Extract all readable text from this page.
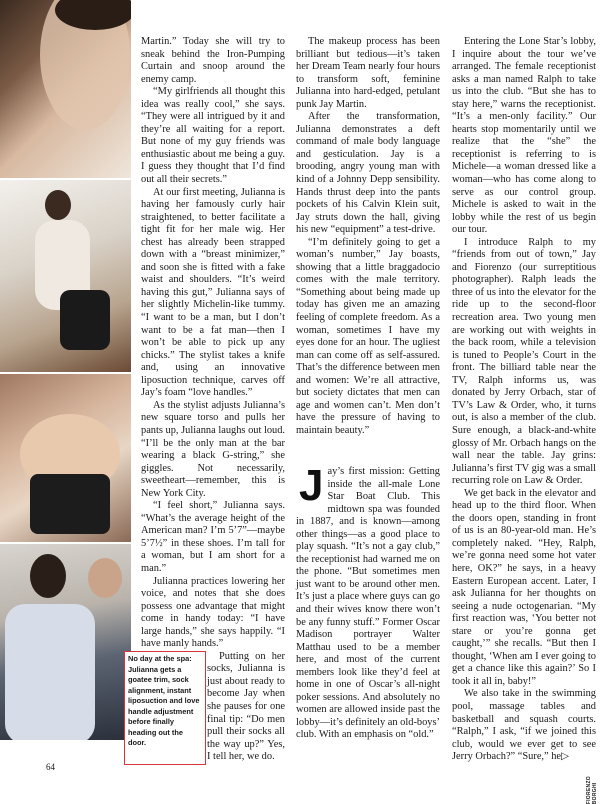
Martin.” Today she will try to sneak behind the Iron-Pumping Curtain and snoop around the enemy camp.

“My girlfriends all thought this idea was really cool,” she says. “They were all intrigued by it and they’re all waiting for a report. But none of my guy friends was enthusiastic about me being a guy. I guess they thought that I’d find out all their secrets.”

At our first meeting, Julianna is having her famously curly hair straightened, to better facilitate a tight fit for her male wig. Her chest has already been strapped down with a “breast minimizer,” and soon she is fitted with a fake waist and shoulders. “It’s weird having this gut,” Julianna says of her slightly Michelin-like tummy. “I want to be a man, but I don’t want to be a fat man—then I won’t be able to pick up any chicks.” The stylist takes a knife and, using an innovative liposuction technique, carves off Jay’s foam “love handles.”

As the stylist adjusts Julianna’s new square torso and pulls her pants up, Julianna laughs out loud. “I’ll be the only man at the bar wearing a black G-string,” she giggles. Not necessarily, sweetheart—remember, this is New York City.

“I feel short,” Julianna says. “What’s the average height of the American man? I’m 5’7”—maybe 5’7½” in these shoes. I’m tall for a woman, but I am short for a man.”

Julianna practices lowering her voice, and notes that she does possess one advantage that might come in handy today: “I have large hands,” she says happily. “I have manly hands.”

Putting on her socks, Julianna is just about ready to become Jay when she pauses for one final tip: “Do men pull their socks all the way up?” Yes, I tell her, we do.

No day at the spa: Julianna gets a goatee trim, sock alignment, instant liposuction and love handle adjustment before finally heading out the door.

The makeup process has been brilliant but tedious—it’s taken her Dream Team nearly four hours to transform soft, feminine Julianna into hard-edged, petulant punk Jay Martin.

After the transformation, Julianna demonstrates a deft command of male body language and gesticulation. Jay is a brooding, angry young man with kind of a Johnny Depp sensibility. Hands thrust deep into the pants pockets of his Calvin Klein suit, Jay struts down the hall, giving his new “equipment” a test-drive.

“I’m definitely going to get a woman’s number,” Jay boasts, showing that a little braggadocio comes with the male territory. “Something about being made up today has given me an amazing feeling of complete freedom. As a woman, sometimes I have my eyes done for an hour. The ugliest man can come off as self-assured. That’s the difference between men and women: We’re all attractive, but society dictates that men can age and women can’t. Men don’t have the pressure of having to maintain beauty.”

J ay’s first mission: Getting inside the all-male Lone Star Boat Club. This midtown spa was founded in 1887, and is known—among other things—as a good place to play squash. “It’s not a gay club,” the receptionist had warned me on the phone. “But sometimes men just want to be around other men. It’s just a place where guys can go and their wives know there won’t be any funny stuff.” Former Oscar Madison portrayer Walter Matthau used to be a member here, and most of the current members look like they’d feel at home in one of Oscar’s all-night poker sessions. And absolutely no women are allowed inside past the lobby—it’s definitely an old-boys’ club. With an emphasis on “old.”

Entering the Lone Star’s lobby, I inquire about the tour we’ve arranged. The female receptionist asks a man named Ralph to take us into the club. “But she has to stay here,” warns the receptionist. “It’s a men-only facility.” Our hearts stop momentarily until we realize that the “she” the receptionist is referring to is Michele—a woman dressed like a woman—who has come along to serve as our control group. Michele is asked to wait in the lobby while the rest of us begin our tour.

I introduce Ralph to my “friends from out of town,” Jay and Fiorenzo (our surreptitious photographer). Ralph leads the three of us into the elevator for the ride up to the second-floor recreation area. Two young men are working out with weights in the back room, while a television is tuned to People’s Court in the front. The billiard table near the TV, Ralph informs us, was donated by Jerry Orbach, star of TV’s Law & Order, who, it turns out, is also a member of the club. Sure enough, a black-and-white glossy of Mr. Orbach hangs on the wall near the table. Jay grins: Julianna’s first TV gig was a small recurring role on Law & Order.

We get back in the elevator and head up to the third floor. When the doors open, standing in front of us is an 80-year-old man. He’s completely naked. “Hey, Ralph, we’re gonna need some hot vater here, OK?” he says, in a heavy Eastern European accent. Later, I ask Julianna for her thoughts on seeing a nude octogenarian. “My first reaction was, ‘You better not stare or you’re gonna get caught,’” she recalls. “But then I thought, ‘When am I ever going to get a chance like this again?’ So I took it all in, baby!”

We also take in the swimming pool, massage tables and basketball and squash courts. “Ralph,” I ask, “if we joined this club, would we ever get to see Jerry Orbach?” “Sure,” he▷

64
FIORENZO BORGHI
